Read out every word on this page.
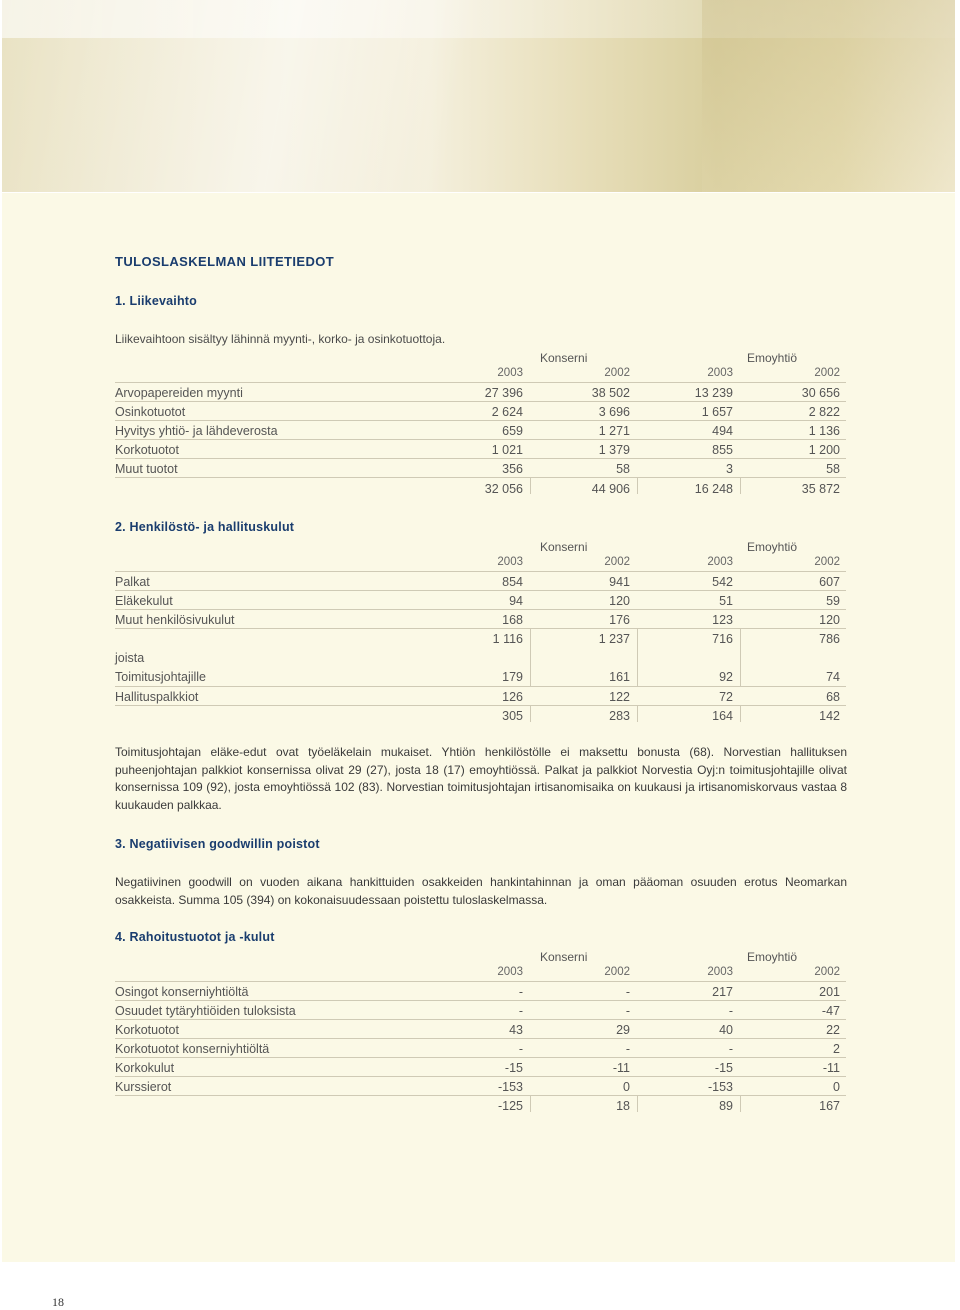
TULOSLASKELMAN LIITETIEDOT
1. Liikevaihto
Liikevaihtoon sisältyy lähinnä myynti-, korko- ja osinkotuottoja.
Konserni	Emoyhtiö
2003	2002	2003	2002
Arvopapereiden myynti	27 396	38 502	13 239	30 656
Osinkotuotot	2 624	3 696	1 657	2 822
Hyvitys yhtiö- ja lähdeverosta	659	1 271	494	1 136
Korkotuotot	1 021	1 379	855	1 200
Muut tuotot	356	58	3	58
32 056	44 906	16 248	35 872
2. Henkilöstö- ja hallituskulut
Konserni	Emoyhtiö
2003	2002	2003	2002
Palkat	854	941	542	607
Eläkekulut	94	120	51	59
Muut henkilösivukulut	168	176	123	120
1 116	1 237	716	786
joista
Toimitusjohtajille	179	161	92	74
Hallituspalkkiot	126	122	72	68
305	283	164	142
Toimitusjohtajan eläke-edut ovat työeläkelain mukaiset. Yhtiön henkilöstölle ei maksettu bonusta (68). Norvestian hallituksen puheenjohtajan palkkiot konsernissa olivat 29 (27), josta 18 (17) emoyhtiössä. Palkat ja palkkiot Norvestia Oyj:n toimitusjohtajille olivat konsernissa 109 (92), josta emoyhtiössä 102 (83). Norvestian toimitusjohtajan irtisanomisaika on kuukausi ja irtisanomiskorvaus vastaa 8 kuukauden palkkaa.
3. Negatiivisen goodwillin poistot
Negatiivinen goodwill on vuoden aikana hankittuiden osakkeiden hankintahinnan ja oman pääoman osuuden erotus Neomarkan osakkeista. Summa 105 (394) on kokonaisuudessaan poistettu tuloslaskelmassa.
4. Rahoitustuotot ja -kulut
Konserni	Emoyhtiö
2003	2002	2003	2002
Osingot konserniyhtiöltä	-	-	217	201
Osuudet tytäryhtiöiden tuloksista	-	-	-	-47
Korkotuotot	43	29	40	22
Korkotuotot konserniyhtiöltä	-	-	-	2
Korkokulut	-15	-11	-15	-11
Kurssierot	-153	0	-153	0
-125	18	89	167
18
